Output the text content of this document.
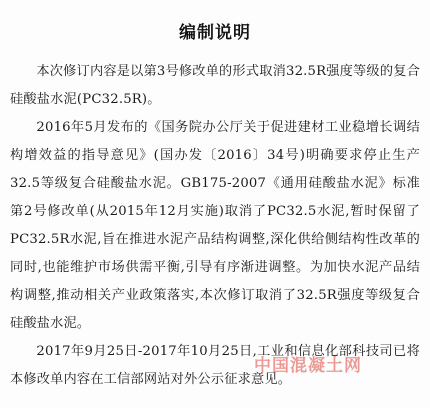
编制说明

本次修订内容是以第3号修改单的形式取消32.5R强度等级的复合硅酸盐水泥(PC32.5R)。

2016年5月发布的《国务院办公厅关于促进建材工业稳增长调结构增效益的指导意见》(国办发〔2016〕34号)明确要求停止生产32.5等级复合硅酸盐水泥。GB175-2007《通用硅酸盐水泥》标准第2号修改单(从2015年12月实施)取消了PC32.5水泥,暂时保留了PC32.5R水泥,旨在推进水泥产品结构调整,深化供给侧结构性改革的同时,也能维护市场供需平衡,引导有序渐进调整。为加快水泥产品结构调整,推动相关产业政策落实,本次修订取消了32.5R强度等级复合硅酸盐水泥。

2017年9月25日-2017年10月25日,工业和信息化部科技司已将本修改单内容在工信部网站对外公示征求意见。

中国混凝土网
